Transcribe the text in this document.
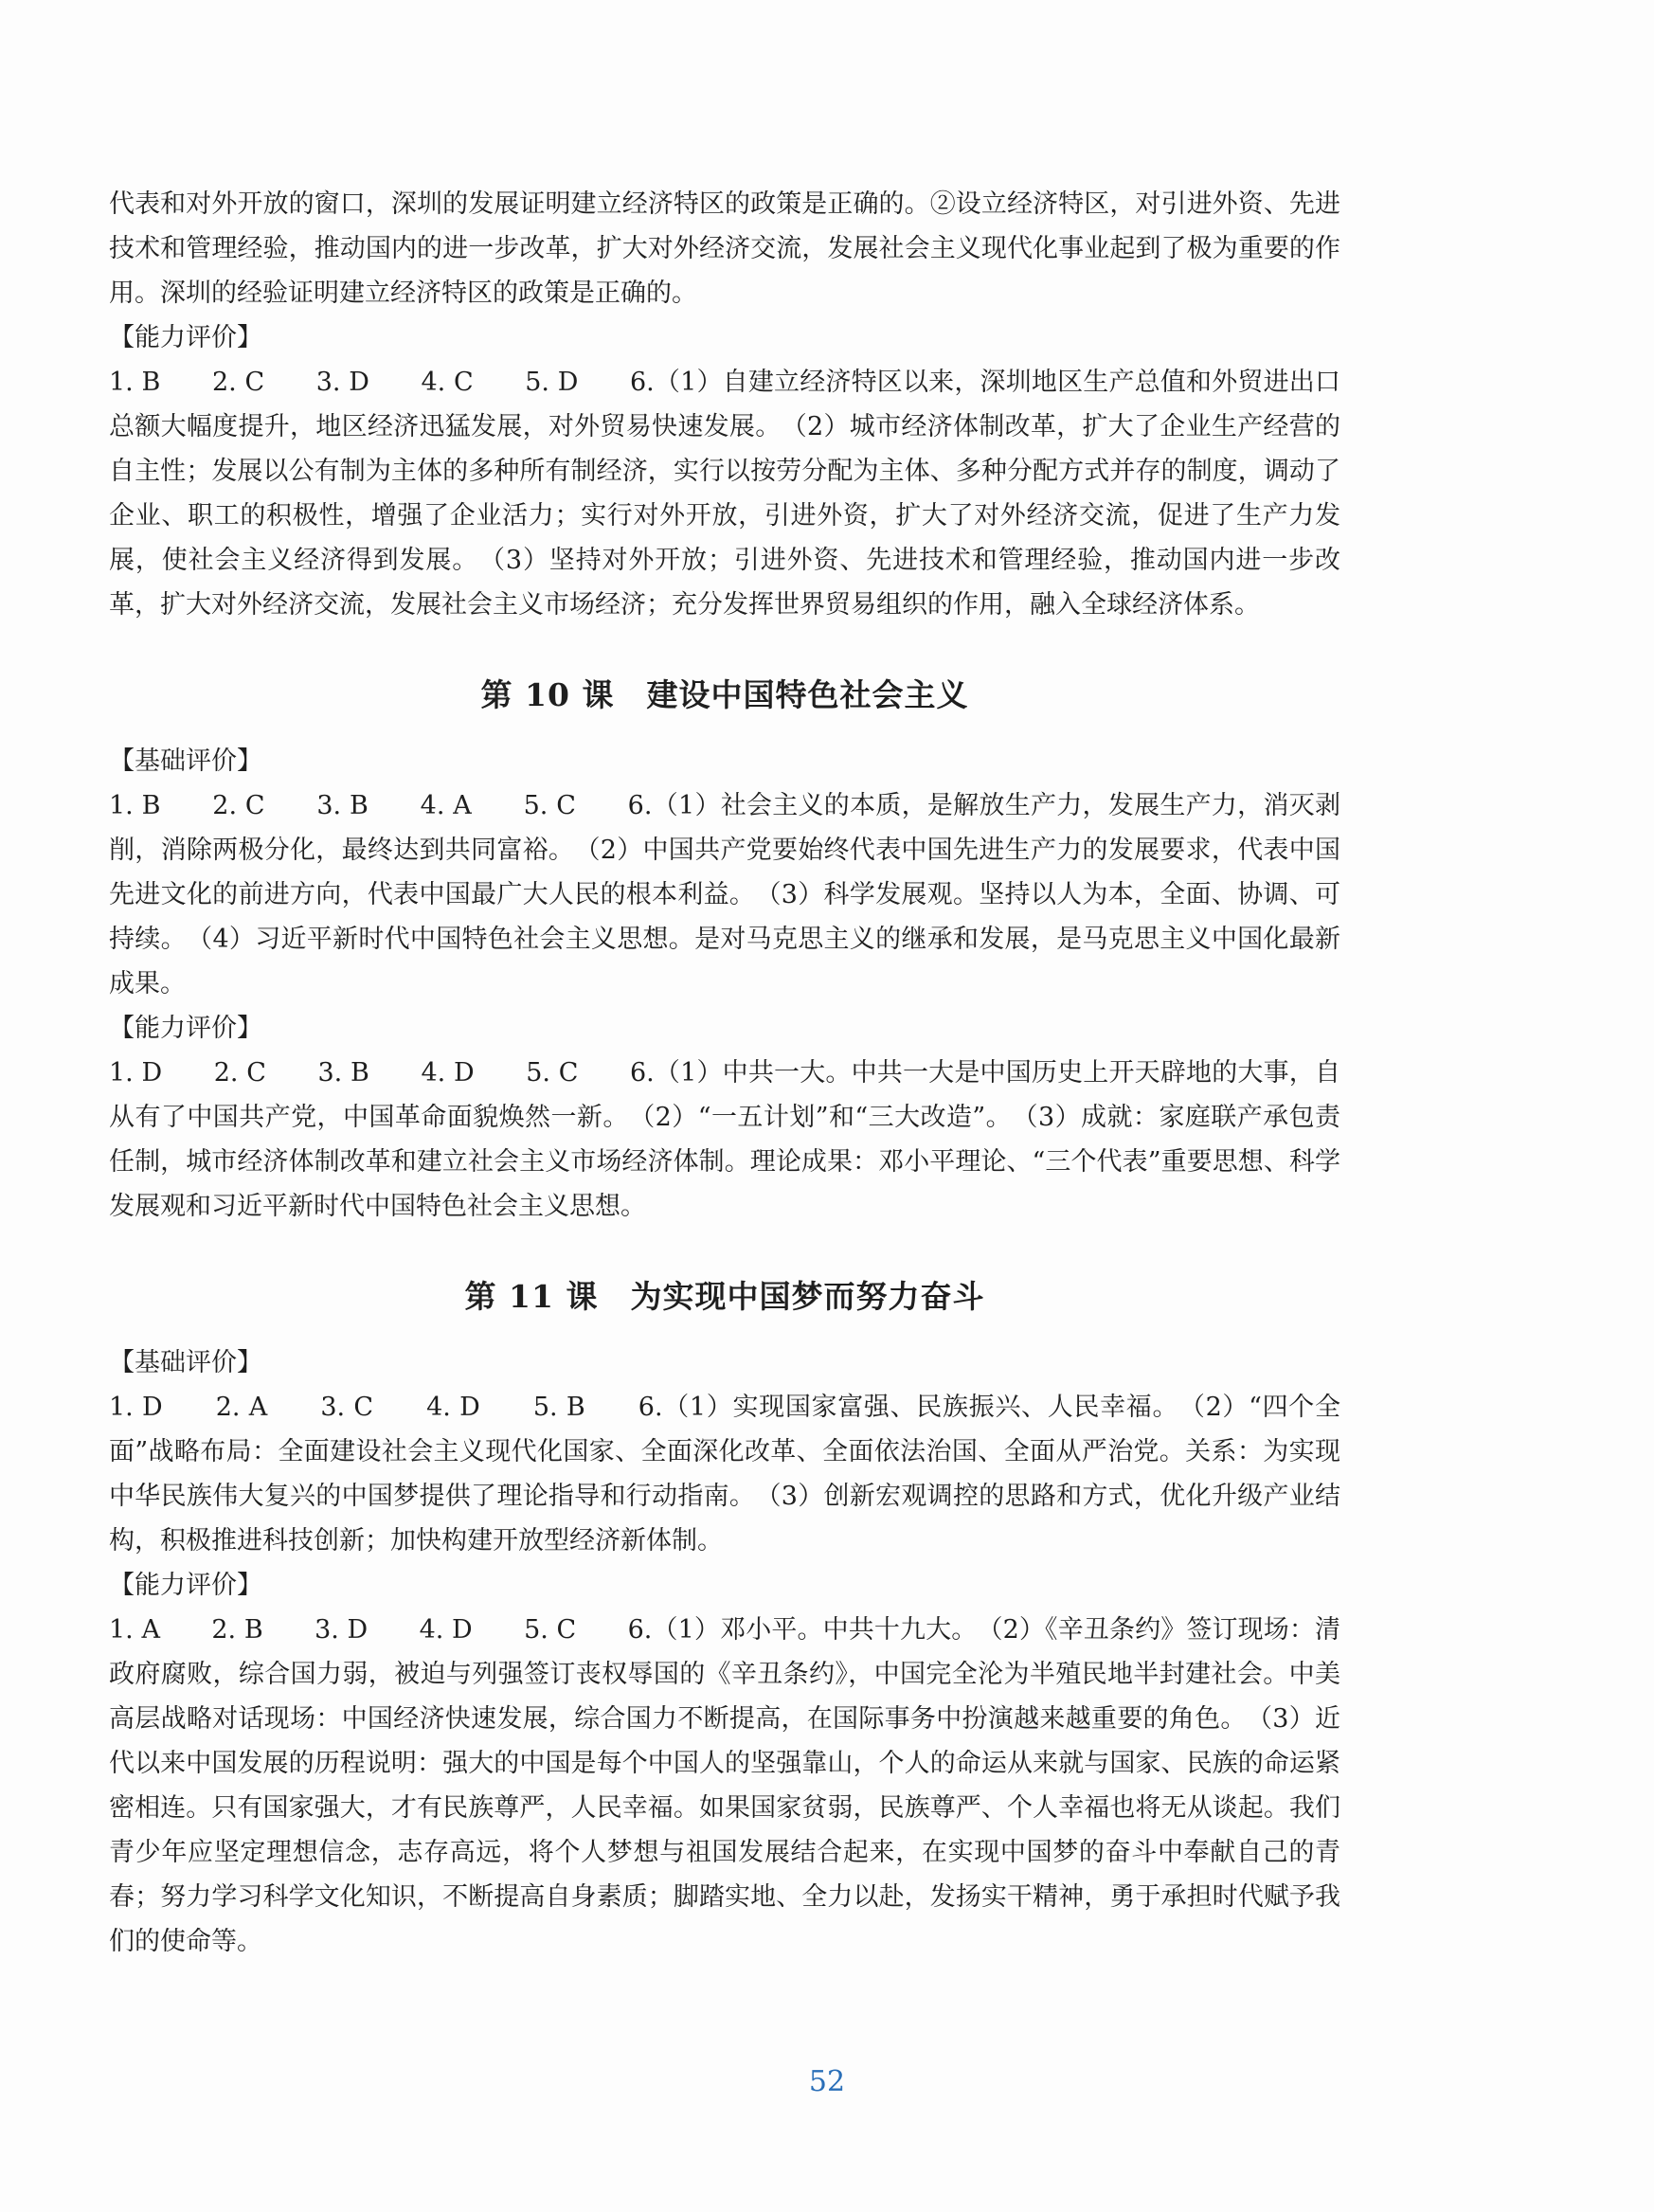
代表和对外开放的窗口，深圳的发展证明建立经济特区的政策是正确的。②设立经济特区，对引进外资、先进技术和管理经验，推动国内的进一步改革，扩大对外经济交流，发展社会主义现代化事业起到了极为重要的作用。深圳的经验证明建立经济特区的政策是正确的。

【能力评价】

1. B　　2. C　　3. D　　4. C　　5. D　　6.（1）自建立经济特区以来，深圳地区生产总值和外贸进出口总额大幅度提升，地区经济迅猛发展，对外贸易快速发展。　（2）城市经济体制改革，扩大了企业生产经营的自主性；发展以公有制为主体的多种所有制经济，实行以按劳分配为主体、多种分配方式并存的制度，调动了企业、职工的积极性，增强了企业活力；实行对外开放，引进外资，扩大了对外经济交流，促进了生产力发展，使社会主义经济得到发展。　（3）坚持对外开放；引进外资、先进技术和管理经验，推动国内进一步改革，扩大对外经济交流，发展社会主义市场经济；充分发挥世界贸易组织的作用，融入全球经济体系。

第 10 课　建设中国特色社会主义

【基础评价】

1. B　　2. C　　3. B　　4. A　　5. C　　6.（1）社会主义的本质，是解放生产力，发展生产力，消灭剥削，消除两极分化，最终达到共同富裕。　（2）中国共产党要始终代表中国先进生产力的发展要求，代表中国先进文化的前进方向，代表中国最广大人民的根本利益。　（3）科学发展观。坚持以人为本，全面、协调、可持续。　（4）习近平新时代中国特色社会主义思想。是对马克思主义的继承和发展，是马克思主义中国化最新成果。

【能力评价】

1. D　　2. C　　3. B　　4. D　　5. C　　6.（1）中共一大。中共一大是中国历史上开天辟地的大事，自从有了中国共产党，中国革命面貌焕然一新。　（2）“一五计划”和“三大改造”。　（3）成就：家庭联产承包责任制，城市经济体制改革和建立社会主义市场经济体制。理论成果：邓小平理论、“三个代表”重要思想、科学发展观和习近平新时代中国特色社会主义思想。

第 11 课　为实现中国梦而努力奋斗

【基础评价】

1. D　　2. A　　3. C　　4. D　　5. B　　6.（1）实现国家富强、民族振兴、人民幸福。　（2）“四个全面”战略布局：全面建设社会主义现代化国家、全面深化改革、全面依法治国、全面从严治党。关系：为实现中华民族伟大复兴的中国梦提供了理论指导和行动指南。　（3）创新宏观调控的思路和方式，优化升级产业结构，积极推进科技创新；加快构建开放型经济新体制。

【能力评价】

1. A　　2. B　　3. D　　4. D　　5. C　　6.（1）邓小平。中共十九大。　（2）《辛丑条约》签订现场：清政府腐败，综合国力弱，被迫与列强签订丧权辱国的《辛丑条约》，中国完全沦为半殖民地半封建社会。中美高层战略对话现场：中国经济快速发展，综合国力不断提高，在国际事务中扮演越来越重要的角色。　（3）近代以来中国发展的历程说明：强大的中国是每个中国人的坚强靠山，个人的命运从来就与国家、民族的命运紧密相连。只有国家强大，才有民族尊严，人民幸福。如果国家贫弱，民族尊严、个人幸福也将无从谈起。我们青少年应坚定理想信念，志存高远，将个人梦想与祖国发展结合起来，在实现中国梦的奋斗中奉献自己的青春；努力学习科学文化知识，不断提高自身素质；脚踏实地、全力以赴，发扬实干精神，勇于承担时代赋予我们的使命等。

52
